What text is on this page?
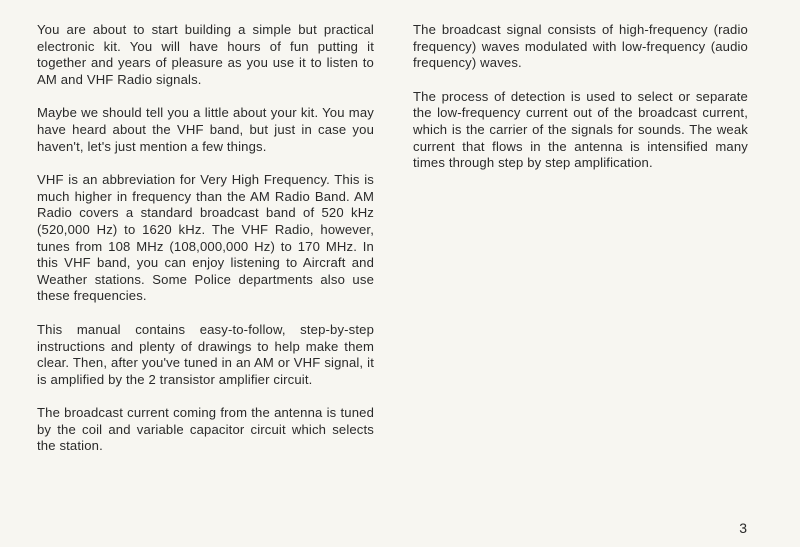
You are about to start building a simple but practical electronic kit. You will have hours of fun putting it together and years of pleasure as you use it to listen to AM and VHF Radio signals.

Maybe we should tell you a little about your kit. You may have heard about the VHF band, but just in case you haven't, let's just mention a few things.

VHF is an abbreviation for Very High Frequency. This is much higher in frequency than the AM Radio Band. AM Radio covers a standard broadcast band of 520 kHz (520,000 Hz) to 1620 kHz. The VHF Radio, however, tunes from 108 MHz (108,000,000 Hz) to 170 MHz. In this VHF band, you can enjoy listening to Aircraft and Weather stations. Some Police departments also use these frequencies.

This manual contains easy-to-follow, step-by-step instructions and plenty of drawings to help make them clear. Then, after you've tuned in an AM or VHF signal, it is amplified by the 2 transistor amplifier circuit.

The broadcast current coming from the antenna is tuned by the coil and variable capacitor circuit which selects the station.

The broadcast signal consists of high-frequency (radio frequency) waves modulated with low-frequency (audio frequency) waves.

The process of detection is used to select or separate the low-frequency current out of the broadcast current, which is the carrier of the signals for sounds. The weak current that flows in the antenna is intensified many times through step by step amplification.

3
